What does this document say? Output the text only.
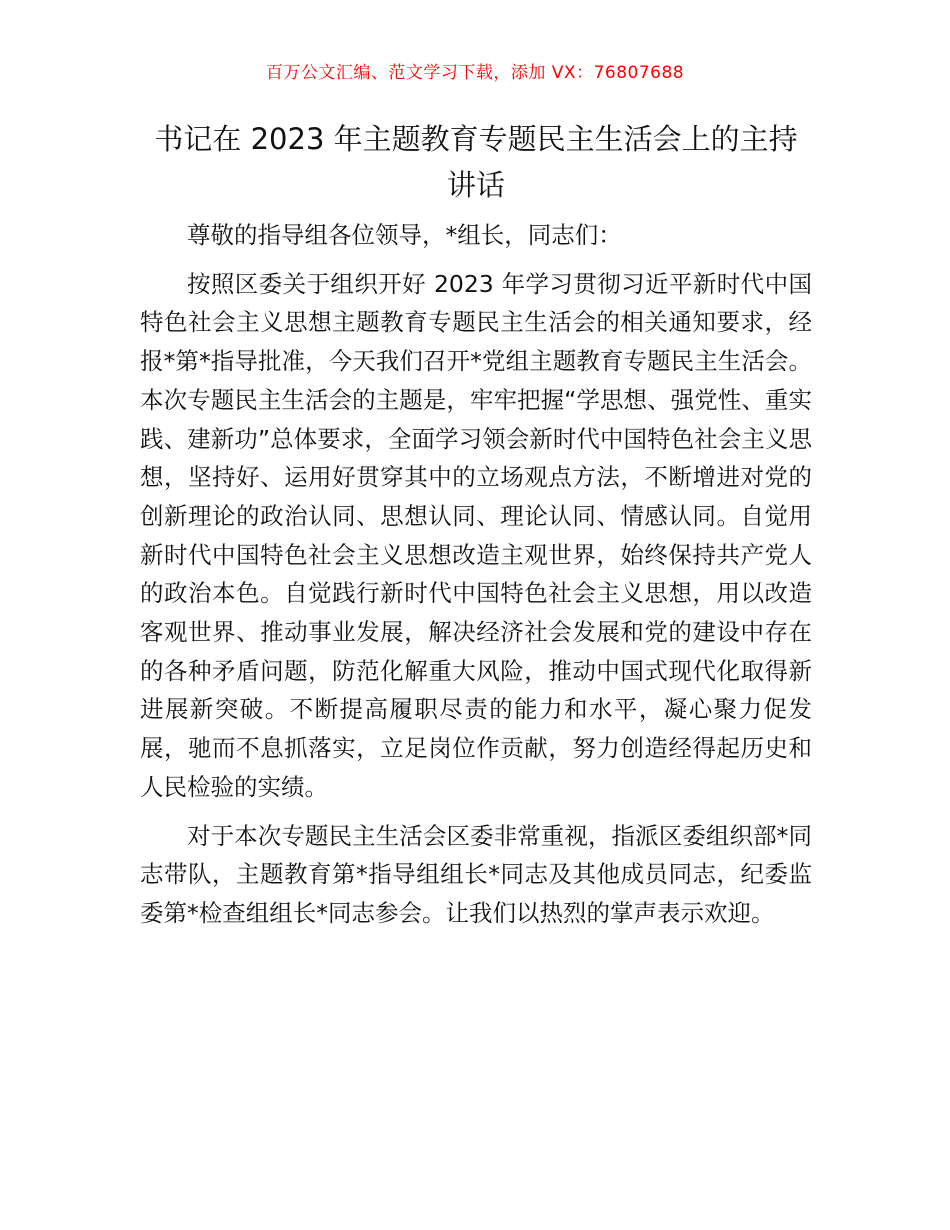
百万公文汇编、范文学习下载，添加 VX：76807688
书记在 2023 年主题教育专题民主生活会上的主持讲话

尊敬的指导组各位领导，*组长，同志们：

按照区委关于组织开好 2023 年学习贯彻习近平新时代中国特色社会主义思想主题教育专题民主生活会的相关通知要求，经报*第*指导批准，今天我们召开*党组主题教育专题民主生活会。本次专题民主生活会的主题是，牢牢把握“学思想、强党性、重实践、建新功”总体要求，全面学习领会新时代中国特色社会主义思想，坚持好、运用好贯穿其中的立场观点方法，不断增进对党的创新理论的政治认同、思想认同、理论认同、情感认同。自觉用新时代中国特色社会主义思想改造主观世界，始终保持共产党人的政治本色。自觉践行新时代中国特色社会主义思想，用以改造客观世界、推动事业发展，解决经济社会发展和党的建设中存在的各种矛盾问题，防范化解重大风险，推动中国式现代化取得新进展新突破。不断提高履职尽责的能力和水平，凝心聚力促发展，驰而不息抓落实，立足岗位作贡献，努力创造经得起历史和人民检验的实绩。

对于本次专题民主生活会区委非常重视，指派区委组织部*同志带队，主题教育第*指导组组长*同志及其他成员同志，纪委监委第*检查组组长*同志参会。让我们以热烈的掌声表示欢迎。
